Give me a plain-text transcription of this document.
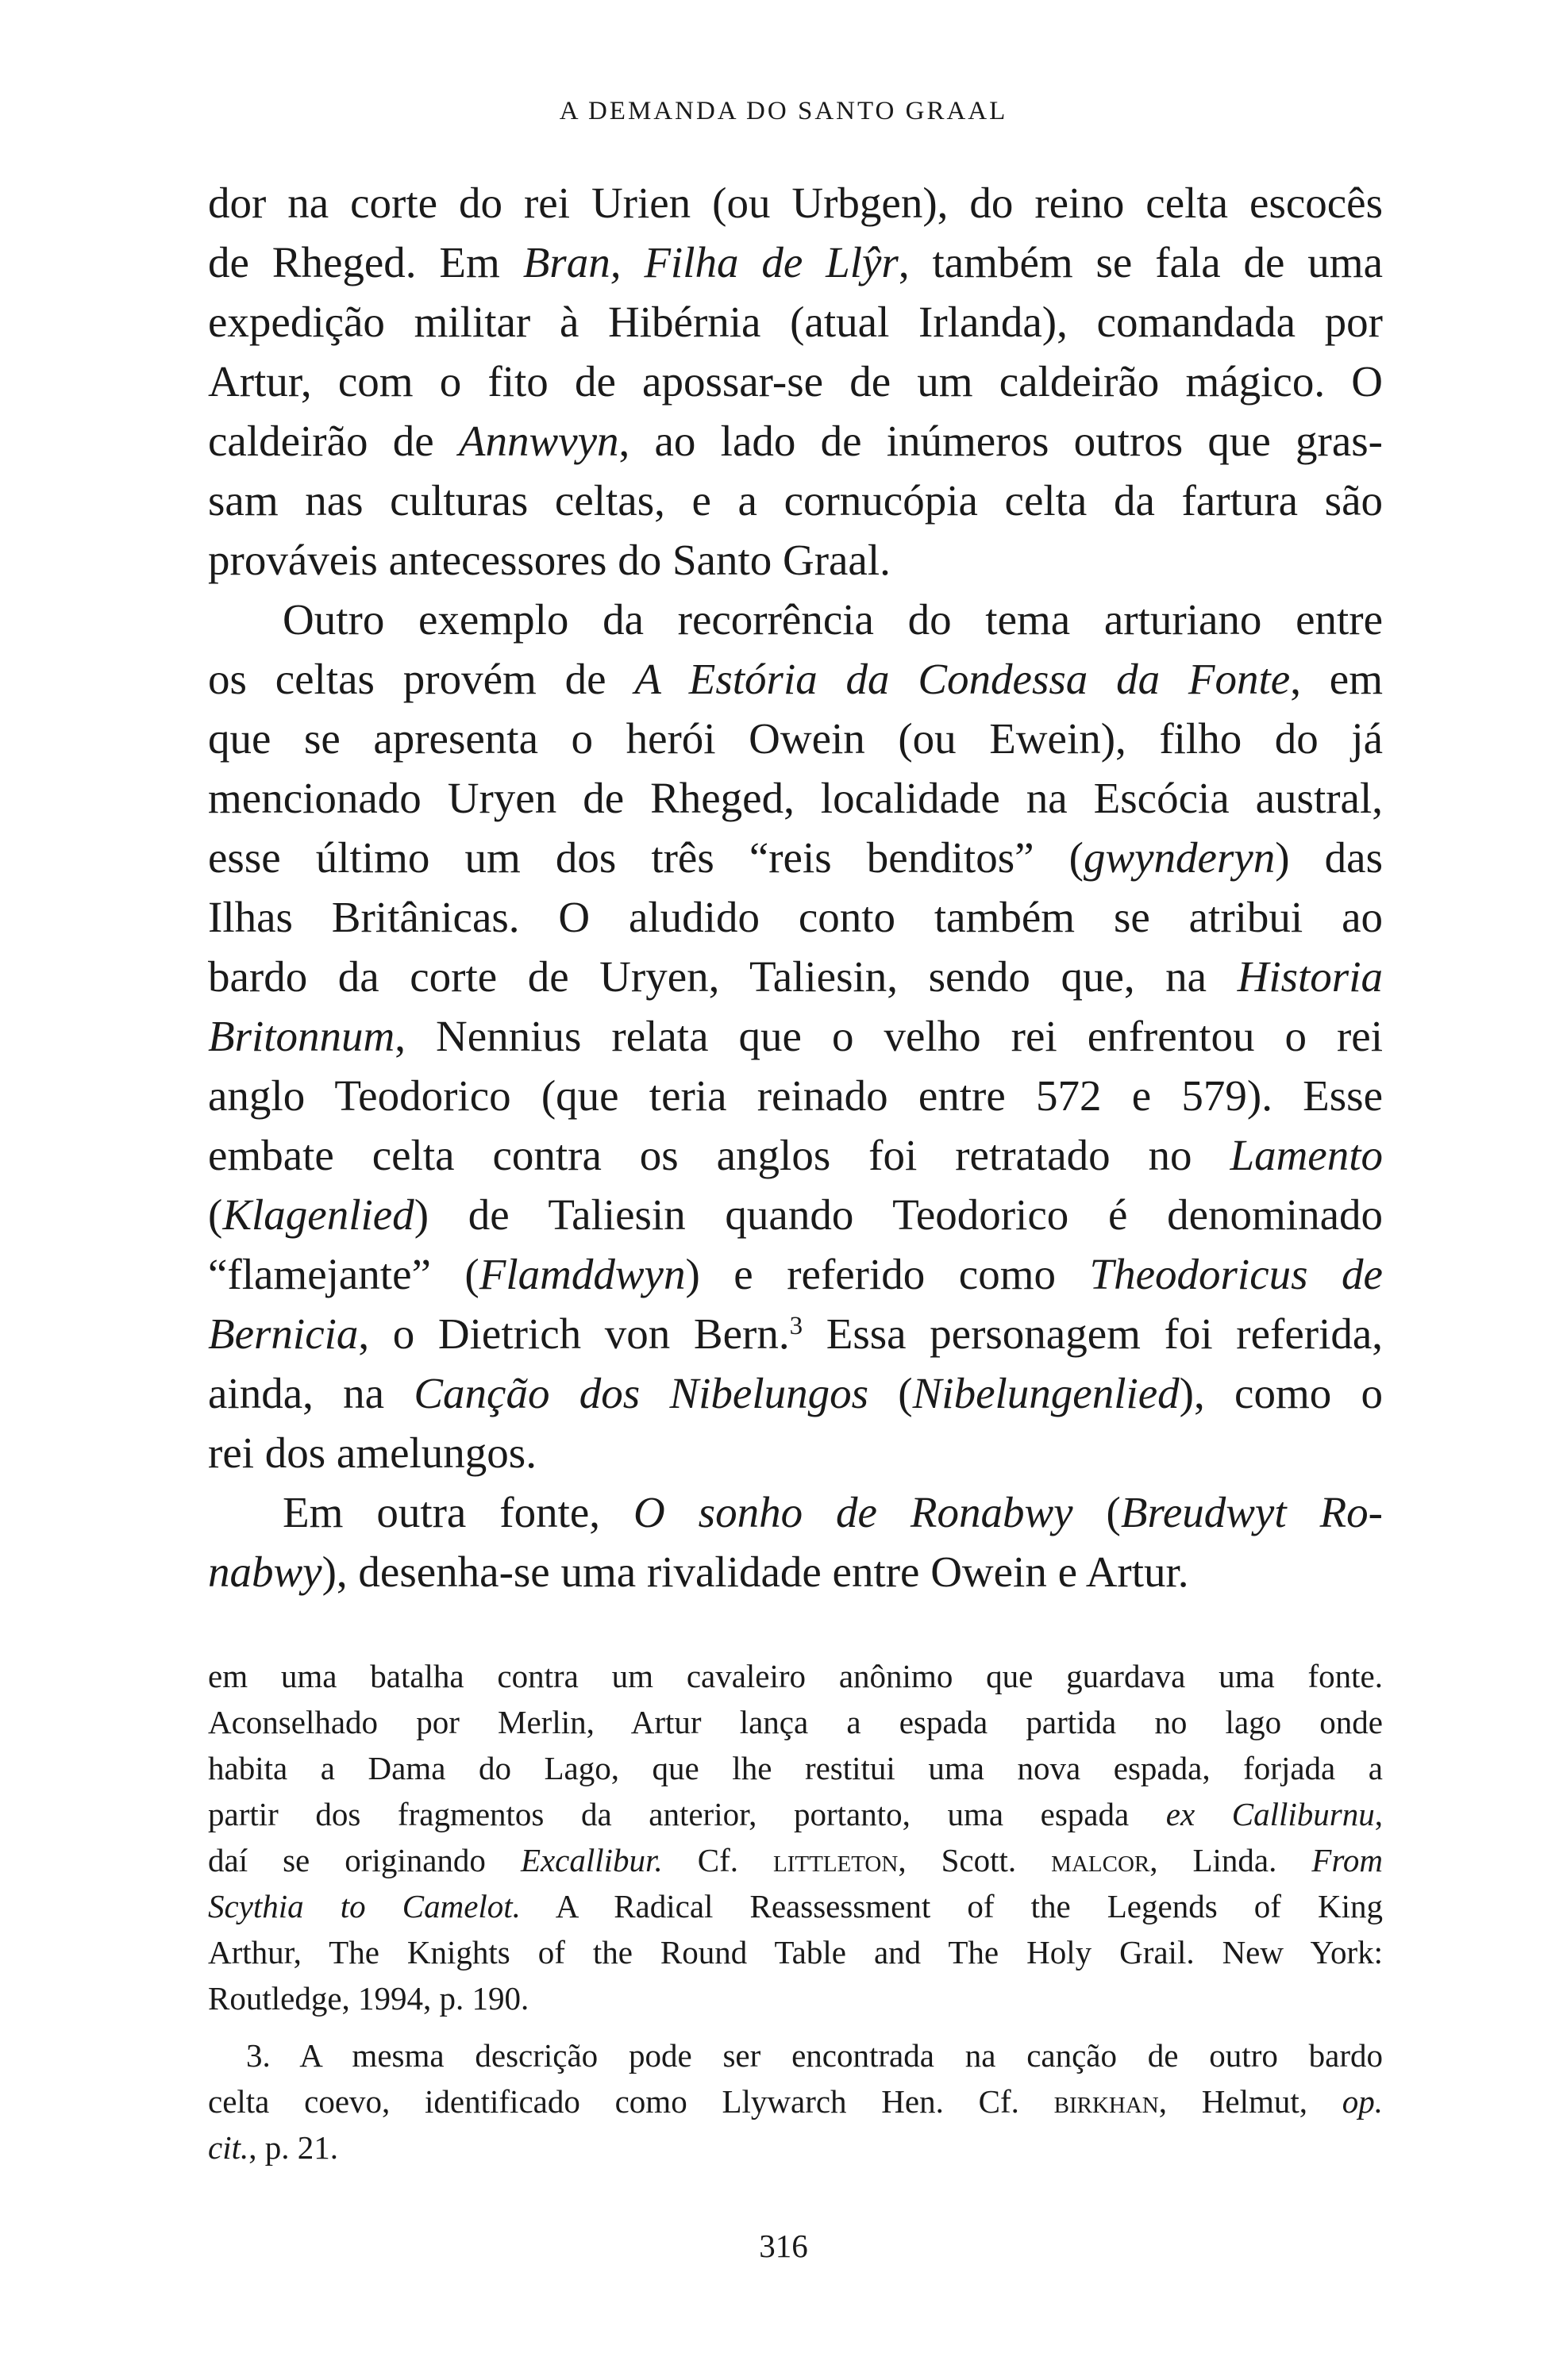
A DEMANDA DO SANTO GRAAL
dor na corte do rei Urien (ou Urbgen), do reino celta escocês
de Rheged. Em Bran, Filha de Llŷr, também se fala de uma
expedição militar à Hibérnia (atual Irlanda), comandada por
Artur, com o fito de apossar-se de um caldeirão mágico. O
caldeirão de Annwvyn, ao lado de inúmeros outros que gras-
sam nas culturas celtas, e a cornucópia celta da fartura são
prováveis antecessores do Santo Graal.
Outro exemplo da recorrência do tema arturiano entre
os celtas provém de A Estória da Condessa da Fonte, em
que se apresenta o herói Owein (ou Ewein), filho do já
mencionado Uryen de Rheged, localidade na Escócia austral,
esse último um dos três “reis benditos” (gwynderyn) das
Ilhas Britânicas. O aludido conto também se atribui ao
bardo da corte de Uryen, Taliesin, sendo que, na Historia
Britonnum, Nennius relata que o velho rei enfrentou o rei
anglo Teodorico (que teria reinado entre 572 e 579). Esse
embate celta contra os anglos foi retratado no Lamento
(Klagenlied) de Taliesin quando Teodorico é denominado
“flamejante” (Flamddwyn) e referido como Theodoricus de
Bernicia, o Dietrich von Bern.$^3$ Essa personagem foi referida,
ainda, na Canção dos Nibelungos (Nibelungenlied), como o
rei dos amelungos.
Em outra fonte, O sonho de Ronabwy (Breudwyt Ro-
nabwy), desenha-se uma rivalidade entre Owein e Artur.
em uma batalha contra um cavaleiro anônimo que guardava uma fonte.
Aconselhado por Merlin, Artur lança a espada partida no lago onde
habita a Dama do Lago, que lhe restitui uma nova espada, forjada a
partir dos fragmentos da anterior, portanto, uma espada ex Calliburnu,
daí se originando Excallibur. Cf. littleton, Scott. malcor, Linda. From
Scythia to Camelot. A Radical Reassessment of the Legends of King
Arthur, The Knights of the Round Table and The Holy Grail. New York:
Routledge, 1994, p. 190.
3. A mesma descrição pode ser encontrada na canção de outro bardo
celta coevo, identificado como Llywarch Hen. Cf. birkhan, Helmut, op.
cit., p. 21.
316
